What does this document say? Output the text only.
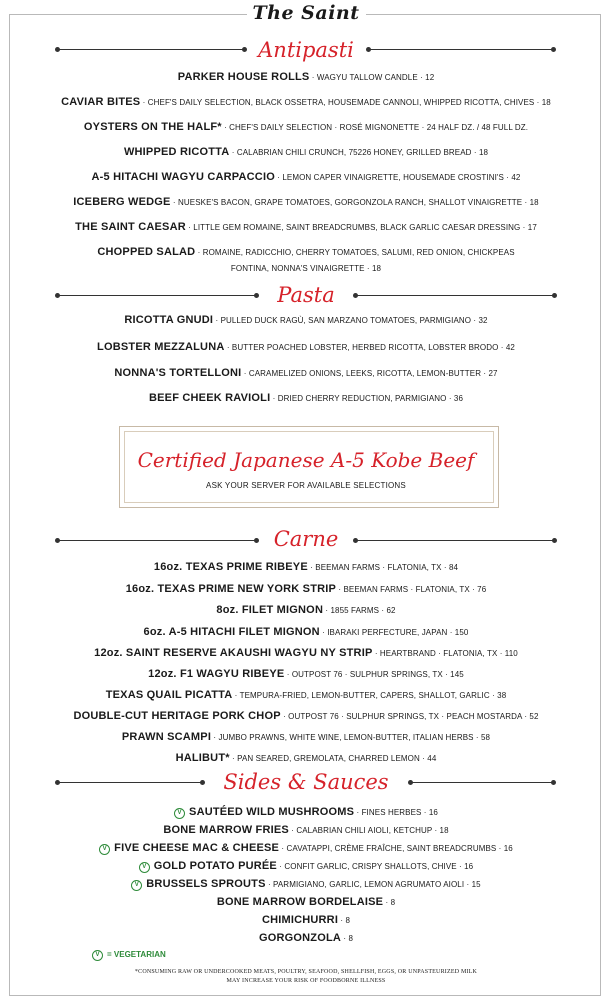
The Saint
Antipasti
PARKER HOUSE ROLLS · WAGYU TALLOW CANDLE · 12
CAVIAR BITES · CHEF'S DAILY SELECTION, BLACK OSSETRA, HOUSEMADE CANNOLI, WHIPPED RICOTTA, CHIVES · 18
OYSTERS ON THE HALF* · CHEF'S DAILY SELECTION · ROSÉ MIGNONETTE · 24 HALF DZ. / 48 FULL DZ.
WHIPPED RICOTTA · CALABRIAN CHILI CRUNCH, 75226 HONEY, GRILLED BREAD · 18
A-5 HITACHI WAGYU CARPACCIO · LEMON CAPER VINAIGRETTE, HOUSEMADE CROSTINI'S · 42
ICEBERG WEDGE · NUESKE'S BACON, GRAPE TOMATOES, GORGONZOLA RANCH, SHALLOT VINAIGRETTE · 18
THE SAINT CAESAR · LITTLE GEM ROMAINE, SAINT BREADCRUMBS, BLACK GARLIC CAESAR DRESSING · 17
CHOPPED SALAD · ROMAINE, RADICCHIO, CHERRY TOMATOES, SALUMI, RED ONION, CHICKPEAS
FONTINA, NONNA'S VINAIGRETTE · 18
Pasta
RICOTTA GNUDI · PULLED DUCK RAGÙ, SAN MARZANO TOMATOES, PARMIGIANO · 32
LOBSTER MEZZALUNA · BUTTER POACHED LOBSTER, HERBED RICOTTA, LOBSTER BRODO · 42
NONNA'S TORTELLONI · CARAMELIZED ONIONS, LEEKS, RICOTTA, LEMON-BUTTER · 27
BEEF CHEEK RAVIOLI · DRIED CHERRY REDUCTION, PARMIGIANO · 36
Certified Japanese A-5 Kobe Beef
ASK YOUR SERVER FOR AVAILABLE SELECTIONS
Carne
16oz. TEXAS PRIME RIBEYE · BEEMAN FARMS · FLATONIA, TX · 84
16oz. TEXAS PRIME NEW YORK STRIP · BEEMAN FARMS · FLATONIA, TX · 76
8oz. FILET MIGNON · 1855 FARMS · 62
6oz. A-5 HITACHI FILET MIGNON · IBARAKI PERFECTURE, JAPAN · 150
12oz. SAINT RESERVE AKAUSHI WAGYU NY STRIP · HEARTBRAND · FLATONIA, TX · 110
12oz. F1 WAGYU RIBEYE · OUTPOST 76 · SULPHUR SPRINGS, TX · 145
TEXAS QUAIL PICATTA · TEMPURA-FRIED, LEMON-BUTTER, CAPERS, SHALLOT, GARLIC · 38
DOUBLE-CUT HERITAGE PORK CHOP · OUTPOST 76 · SULPHUR SPRINGS, TX · PEACH MOSTARDA · 52
PRAWN SCAMPI · JUMBO PRAWNS, WHITE WINE, LEMON-BUTTER, ITALIAN HERBS · 58
HALIBUT* · PAN SEARED, GREMOLATA, CHARRED LEMON · 44
Sides & Sauces
V SAUTÉED WILD MUSHROOMS · FINES HERBES · 16
BONE MARROW FRIES · CALABRIAN CHILI AIOLI, KETCHUP · 18
V FIVE CHEESE MAC & CHEESE · CAVATAPPI, CRÈME FRAÎCHE, SAINT BREADCRUMBS · 16
V GOLD POTATO PURÉE · CONFIT GARLIC, CRISPY SHALLOTS, CHIVE · 16
V BRUSSELS SPROUTS · PARMIGIANO, GARLIC, LEMON AGRUMATO AIOLI · 15
BONE MARROW BORDELAISE · 8
CHIMICHURRI · 8
GORGONZOLA · 8
V = VEGETARIAN
*CONSUMING RAW OR UNDERCOOKED MEATS, POULTRY, SEAFOOD, SHELLFISH, EGGS, OR UNPASTEURIZED MILK
MAY INCREASE YOUR RISK OF FOODBORNE ILLNESS
